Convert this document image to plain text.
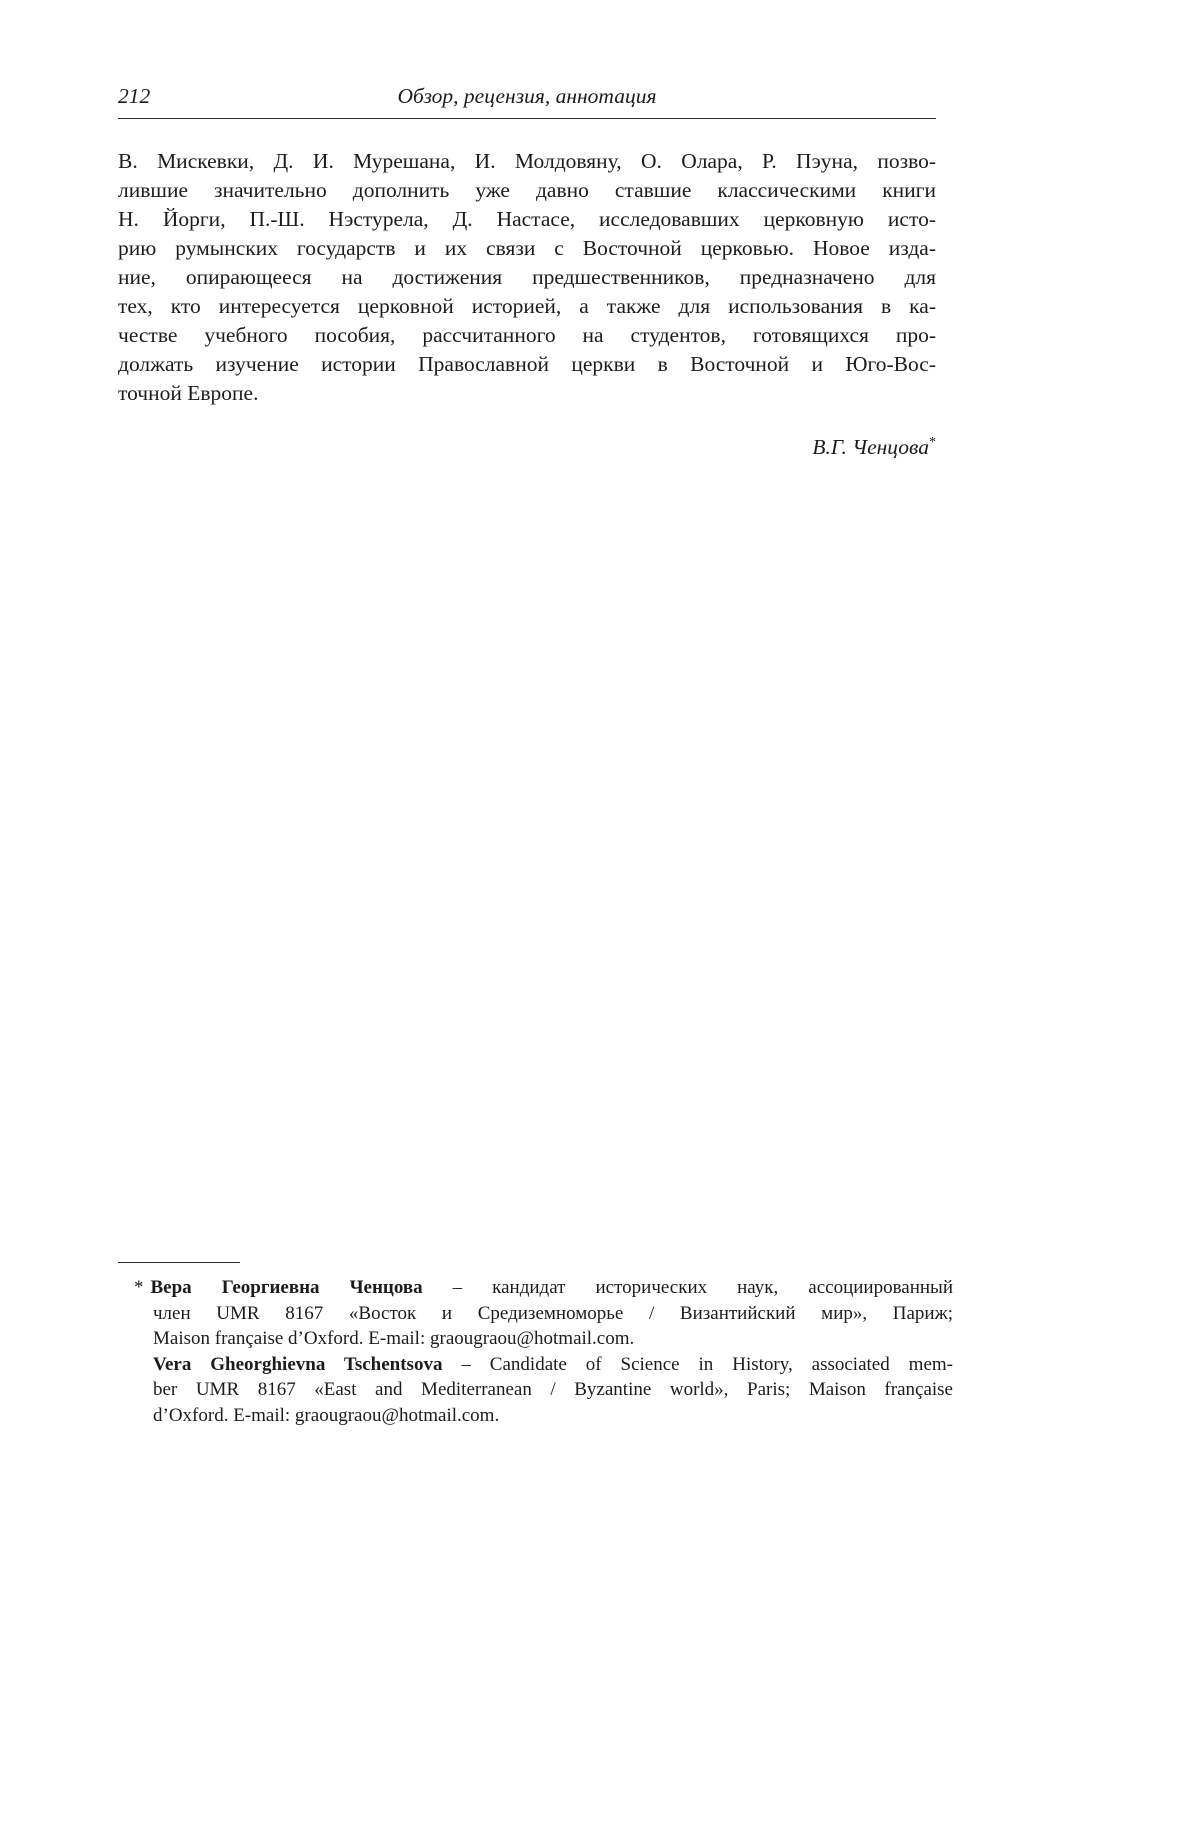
212	Обзор, рецензия, аннотация
В. Мискевки, Д. И. Мурешана, И. Молдовяну, О. Олара, Р. Пэуна, позво-
лившие значительно дополнить уже давно ставшие классическими книги
Н. Йорги, П.-Ш. Нэстурела, Д. Настасе, исследовавших церковную исто-
рию румынских государств и их связи с Восточной церковью. Новое изда-
ние, опирающееся на достижения предшественников, предназначено для
тех, кто интересуется церковной историей, а также для использования в ка-
честве учебного пособия, рассчитанного на студентов, готовящихся про-
должать изучение истории Православной церкви в Восточной и Юго-Вос-
точной Европе.
В.Г. Ченцова*
* Вера Георгиевна Ченцова – кандидат исторических наук, ассоциированный
член UMR 8167 «Восток и Средиземноморье / Византийский мир», Париж;
Maison française d’Oxford. E-mail: graougraou@hotmail.com.
Vera Gheorghievna Tschentsova – Candidate of Science in History, associated mem-
ber UMR 8167 «East and Mediterranean / Byzantine world», Paris; Maison française
d’Oxford. E-mail: graougraou@hotmail.com.
